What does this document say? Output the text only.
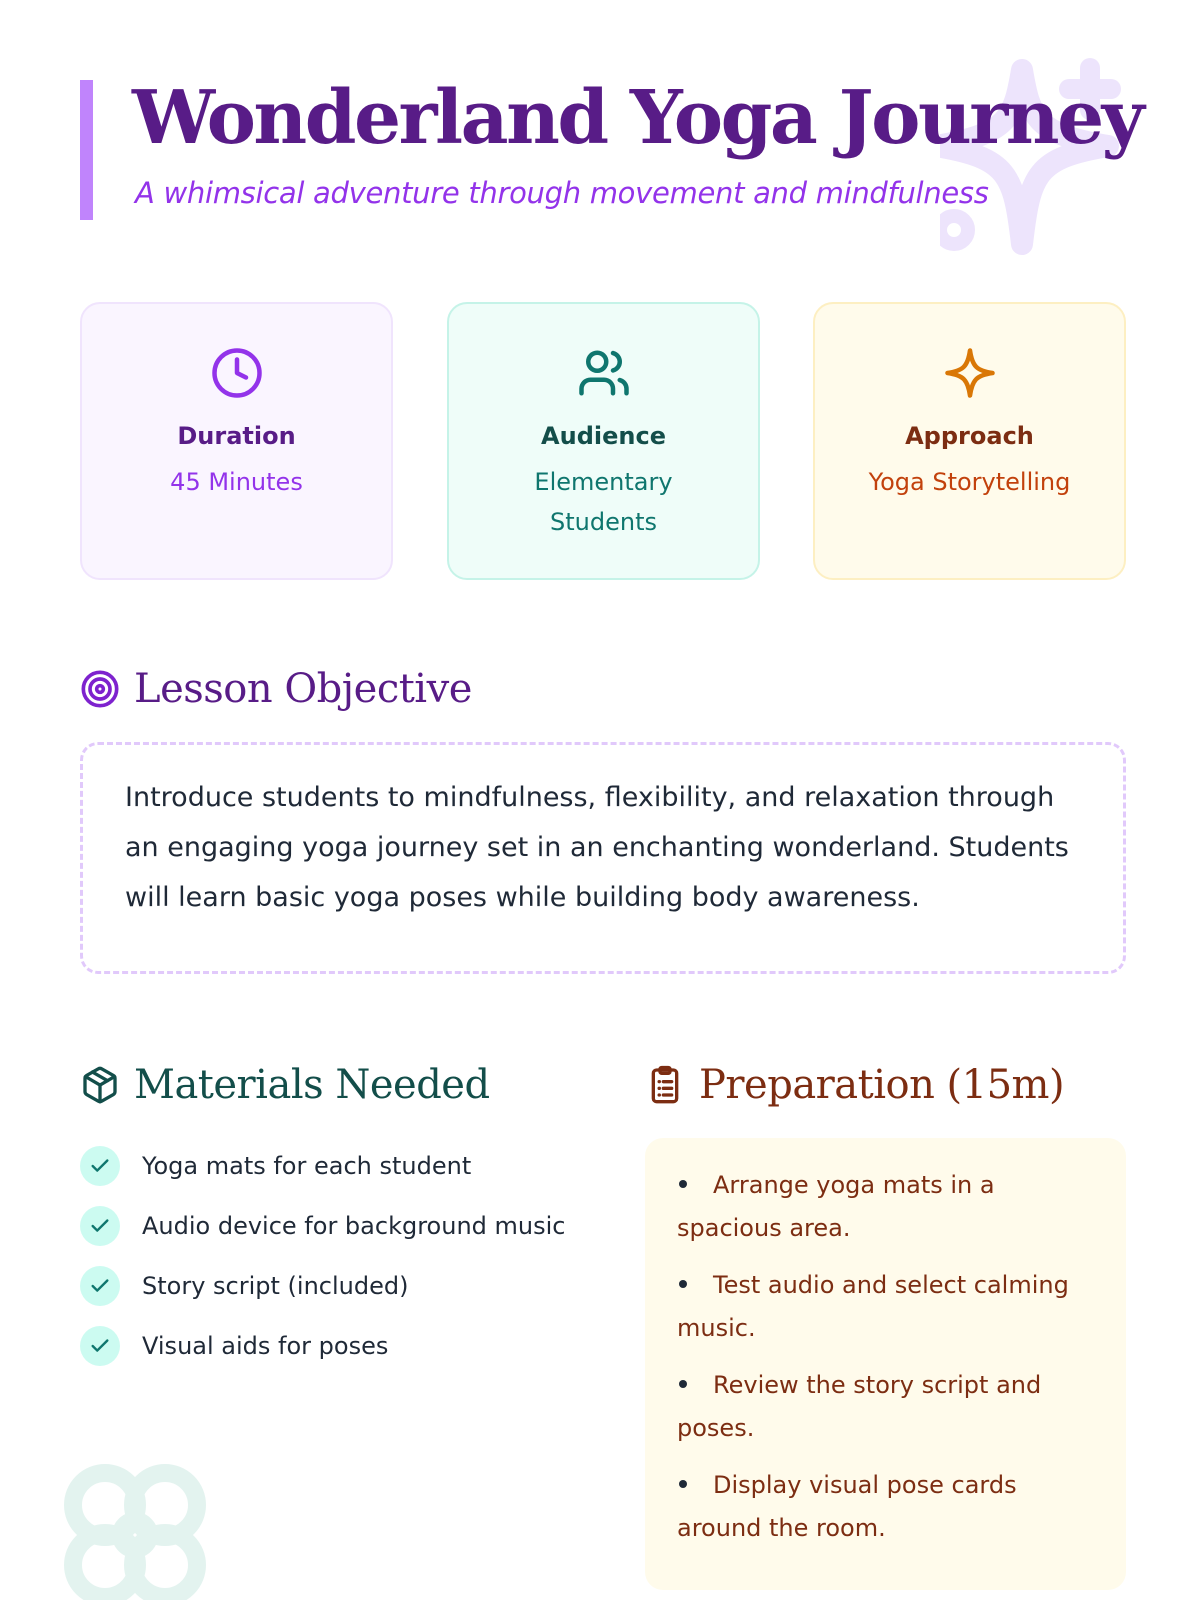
Wonderland Yoga Journey
A whimsical adventure through movement and mindfulness
Duration
45 Minutes
Audience
Elementary Students
Approach
Yoga Storytelling
Lesson Objective

Introduce students to mindfulness, flexibility, and relaxation through an engaging yoga journey set in an enchanting wonderland. Students will learn basic yoga poses while building body awareness.

Materials Needed
Yoga mats for each student
Audio device for background music
Story script (included)
Visual aids for poses
Preparation (15m)
Arrange yoga mats in a spacious area.
Test audio and select calming music.
Review the story script and poses.
Display visual pose cards around the room.
